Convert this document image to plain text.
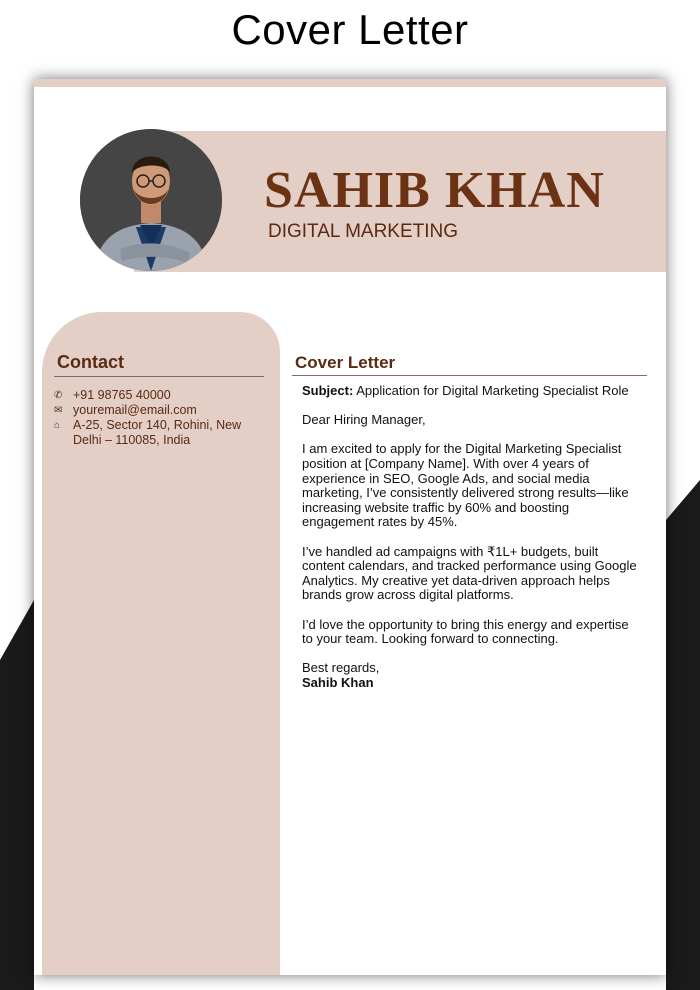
Cover Letter
SAHIB KHAN
DIGITAL MARKETING
Contact
✆ +91 98765 40000
✉ youremail@email.com
⌂	A-25, Sector 140, Rohini, New Delhi – 110085, India
Cover Letter

Subject: Application for Digital Marketing Specialist Role

Dear Hiring Manager,

I am excited to apply for the Digital Marketing Specialist position at [Company Name]. With over 4 years of experience in SEO, Google Ads, and social media marketing, I’ve consistently delivered strong results—like increasing website traffic by 60% and boosting engagement rates by 45%.

I’ve handled ad campaigns with ₹1L+ budgets, built content calendars, and tracked performance using Google Analytics. My creative yet data-driven approach helps brands grow across digital platforms.

I’d love the opportunity to bring this energy and expertise to your team. Looking forward to connecting.

Best regards,
Sahib Khan
